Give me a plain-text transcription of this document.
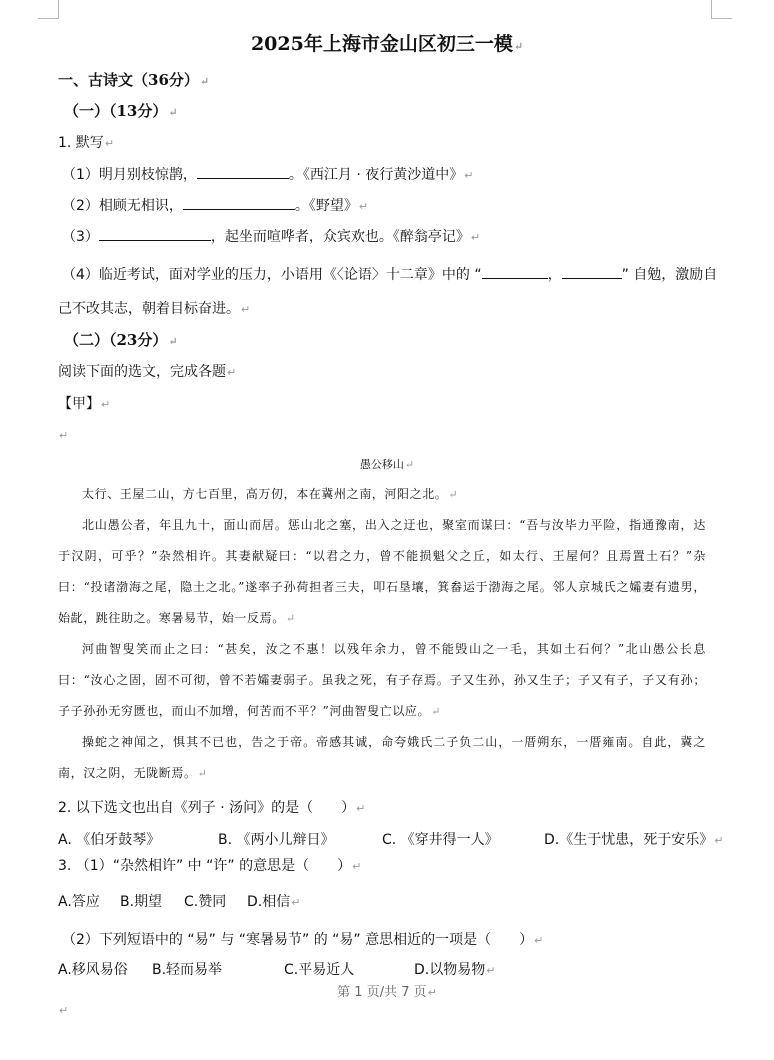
2025年上海市金山区初三一模↵
一、古诗文（36分）↵
（一）（13分）↵
1. 默写↵
（1）明月别枝惊鹊，	。《西江月 · 夜行黄沙道中》↵
（2）相顾无相识，	。《野望》↵
（3）	，起坐而喧哗者，众宾欢也。《醉翁亭记》↵
（4）临近考试，面对学业的压力，小语用《〈论语〉十二章》中的 “	，	” 自勉，激励自
己不改其志，朝着目标奋进。↵
（二）（23分）↵
阅读下面的选文，完成各题↵
【甲】↵
↵
愚公移山↵
太行、王屋二山，方七百里，高万仞，本在冀州之南，河阳之北。↵
北山愚公者，年且九十，面山而居。惩山北之塞，出入之迂也，聚室而谋曰：“吾与汝毕力平险，指通豫南，达于汉阴，可乎？”杂然相许。其妻献疑曰：“以君之力，曾不能损魁父之丘，如太行、王屋何？且焉置土石？”杂曰：“投诸渤海之尾，隐土之北。”遂率子孙荷担者三夫，叩石垦壤，箕畚运于渤海之尾。邻人京城氏之孀妻有遗男，始龀，跳往助之。寒暑易节，始一反焉。↵
河曲智叟笑而止之曰：“甚矣，汝之不惠！以残年余力，曾不能毁山之一毛，其如土石何？”北山愚公长息曰：“汝心之固，固不可彻，曾不若孀妻弱子。虽我之死，有子存焉。子又生孙，孙又生子；子又有子，子又有孙；子子孙孙无穷匮也，而山不加增，何苦而不平？”河曲智叟亡以应。↵
操蛇之神闻之，惧其不已也，告之于帝。帝感其诚，命夸娥氏二子负二山，一厝朔东，一厝雍南。自此，冀之南，汉之阴，无陇断焉。↵
2. 以下选文也出自《列子 · 汤问》的是（　　）↵
A. 《伯牙鼓琴》	B. 《两小儿辩日》	C. 《穿井得一人》	D.《生于忧患，死于安乐》↵
3. （1）“杂然相许” 中 “许” 的意思是（　　）↵
A.答应 B.期望 C.赞同 D.相信↵
（2）下列短语中的 “易” 与 “寒暑易节” 的 “易” 意思相近的一项是（　　）↵
A.移风易俗 B.轻而易举	C.平易近人	D.以物易物↵
第 1 页/共 7 页↵
↵
